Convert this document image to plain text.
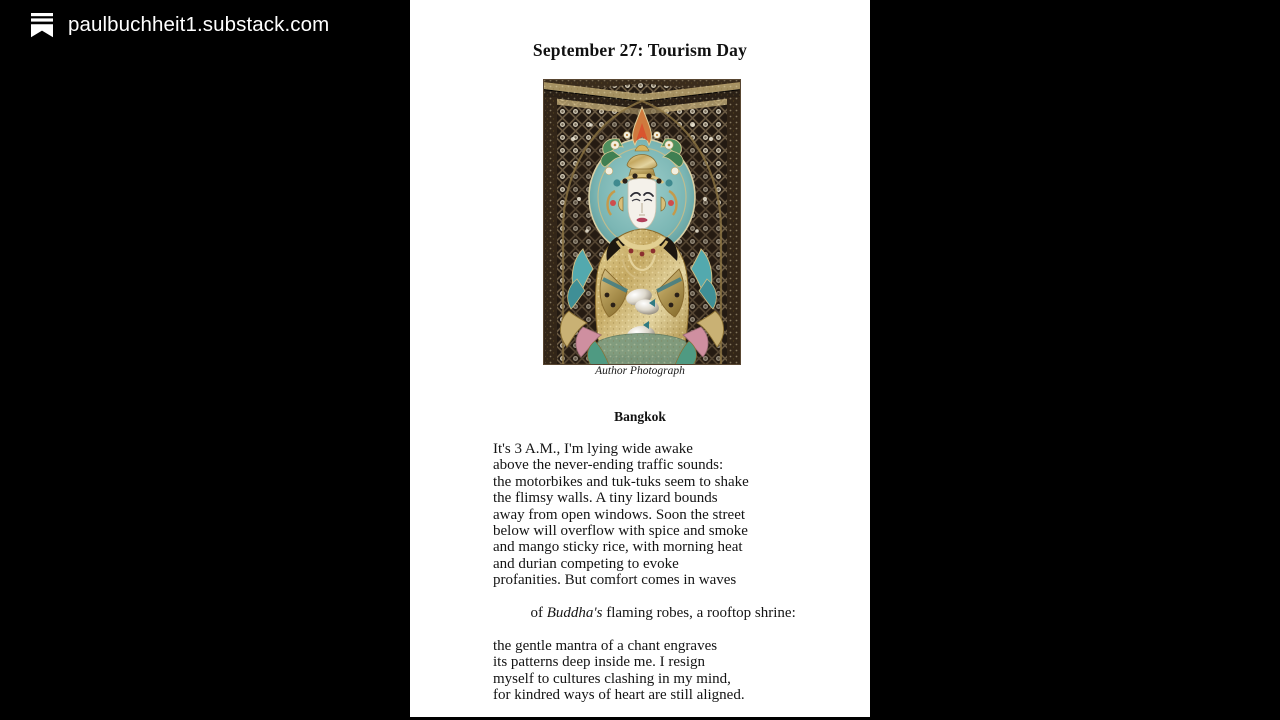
paulbuchheit1.substack.com
September 27: Tourism Day
Author Photograph
Bangkok
It's 3 A.M., I'm lying wide awake
above the never-ending traffic sounds:
the motorbikes and tuk-tuks seem to shake
the flimsy walls. A tiny lizard bounds
away from open windows. Soon the street
below will overflow with spice and smoke
and mango sticky rice, with morning heat
and durian competing to evoke
profanities. But comfort comes in waves

of Buddha's flaming robes, a rooftop shrine:

the gentle mantra of a chant engraves
its patterns deep inside me. I resign
myself to cultures clashing in my mind,
for kindred ways of heart are still aligned.
